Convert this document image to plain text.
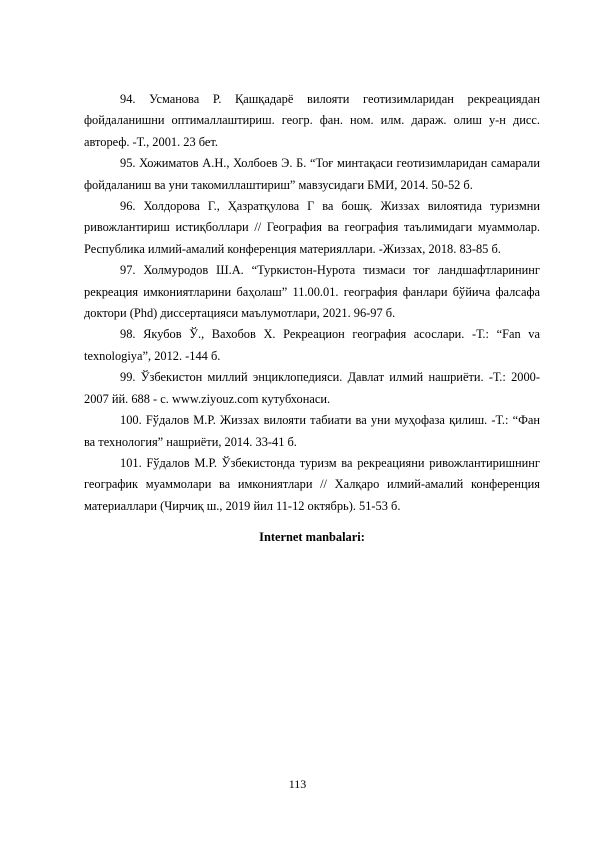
94. Усманова Р. Қашқадарё вилояти геотизимларидан рекреациядан фойдаланишни оптималлаштириш. геогр. фан. ном. илм. дараж. олиш у-н дисс. автореф. -Т., 2001. 23 бет.

95. Хожиматов А.Н., Холбоев Э. Б. “Тоғ минтақаси геотизимларидан самарали фойдаланиш ва уни такомиллаштириш” мавзусидаги БМИ, 2014. 50-52 б.

96. Холдорова Г., Ҳазратқулова Г ва бошқ. Жиззах вилоятида туризмни ривожлантириш истиқболлари // География ва география таълимидаги муаммолар. Республика илмий-амалий конференция материяллари. -Жиззах, 2018. 83-85 б.

97. Холмуродов Ш.А. “Туркистон-Нурота тизмаси тоғ ландшафтларининг рекреация имкониятларини баҳолаш” 11.00.01. география фанлари бўйича фалсафа доктори (Phd) диссертацияси маълумотлари, 2021. 96-97 б.

98. Якубов Ў., Вахобов Х. Рекреацион география асослари. -Т.: “Fan va texnologiya”, 2012. -144 б.

99. Ўзбекистон миллий энциклопедияси. Давлат илмий нашриёти. -Т.: 2000-2007 йй. 688 - с. www.ziyouz.com кутубхонаси.

100. Fўдалов М.Р. Жиззах вилояти табиати ва уни муҳофаза қилиш. -Т.: “Фан ва технология” нашриёти, 2014. 33-41 б.

101. Fўдалов М.Р. Ўзбекистонда туризм ва рекреацияни ривожлантиришнинг географик муаммолари ва имкониятлари // Халқаро илмий-амалий конференция материаллари (Чирчиқ ш., 2019 йил 11-12 октябрь). 51-53 б.

Internet manbalari:

113
